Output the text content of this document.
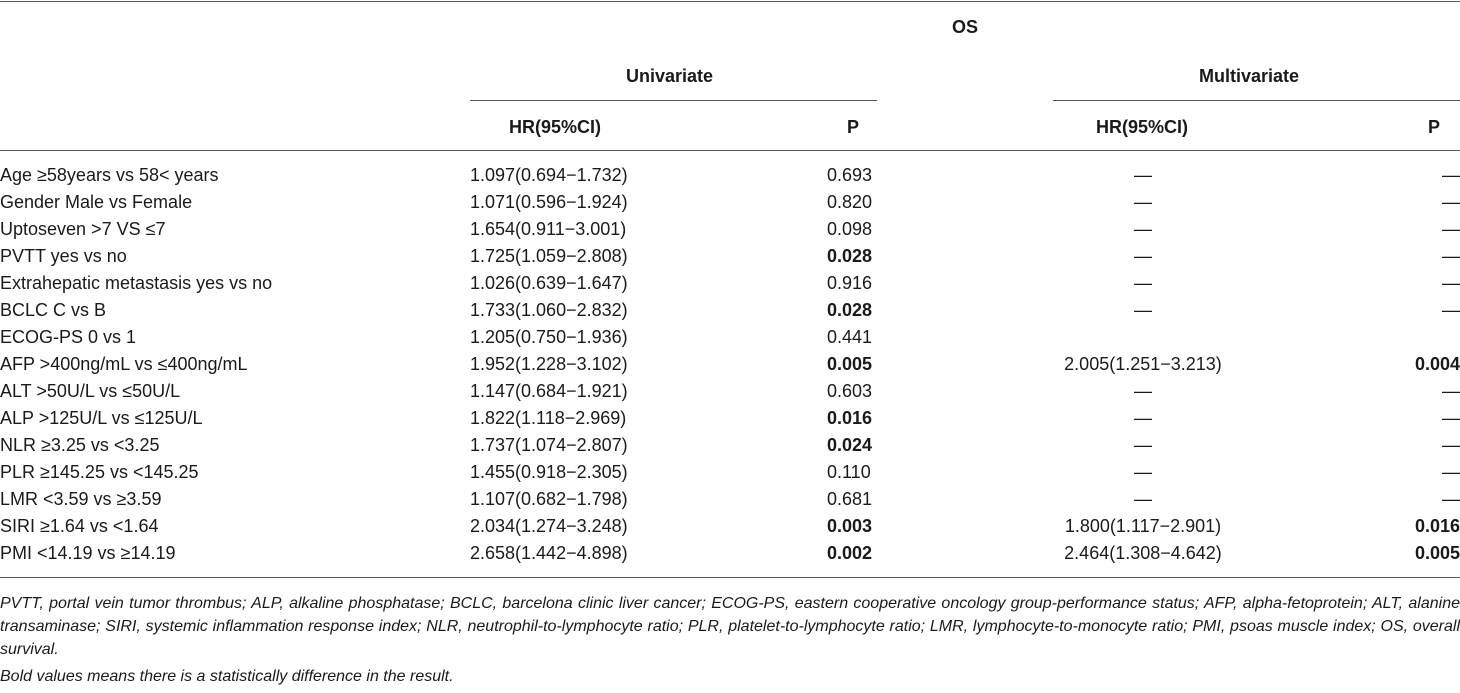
OS
Univariate	Multivariate
HR(95%CI)	P	HR(95%CI)	P
Age ≥58years vs 58< years	1.097(0.694−1.732)	0.693	—	—
Gender Male vs Female	1.071(0.596−1.924)	0.820	—	—
Uptoseven >7 VS ≤7	1.654(0.911−3.001)	0.098	—	—
PVTT yes vs no	1.725(1.059−2.808)	0.028	—	—
Extrahepatic metastasis yes vs no	1.026(0.639−1.647)	0.916	—	—
BCLC C vs B	1.733(1.060−2.832)	0.028	—	—
ECOG-PS 0 vs 1	1.205(0.750−1.936)	0.441
AFP >400ng/mL vs ≤400ng/mL	1.952(1.228−3.102)	0.005	2.005(1.251−3.213)	0.004
ALT >50U/L vs ≤50U/L	1.147(0.684−1.921)	0.603	—	—
ALP >125U/L vs ≤125U/L	1.822(1.118−2.969)	0.016	—	—
NLR ≥3.25 vs <3.25	1.737(1.074−2.807)	0.024	—	—
PLR ≥145.25 vs <145.25	1.455(0.918−2.305)	0.110	—	—
LMR <3.59 vs ≥3.59	1.107(0.682−1.798)	0.681	—	—
SIRI ≥1.64 vs <1.64	2.034(1.274−3.248)	0.003	1.800(1.117−2.901)	0.016
PMI <14.19 vs ≥14.19	2.658(1.442−4.898)	0.002	2.464(1.308−4.642)	0.005
PVTT, portal vein tumor thrombus; ALP, alkaline phosphatase; BCLC, barcelona clinic liver cancer; ECOG-PS, eastern cooperative oncology group-performance status; AFP, alpha-fetoprotein; ALT, alanine transaminase; SIRI, systemic inflammation response index; NLR, neutrophil-to-lymphocyte ratio; PLR, platelet-to-lymphocyte ratio; LMR, lymphocyte-to-monocyte ratio; PMI, psoas muscle index; OS, overall survival.
Bold values means there is a statistically difference in the result.
